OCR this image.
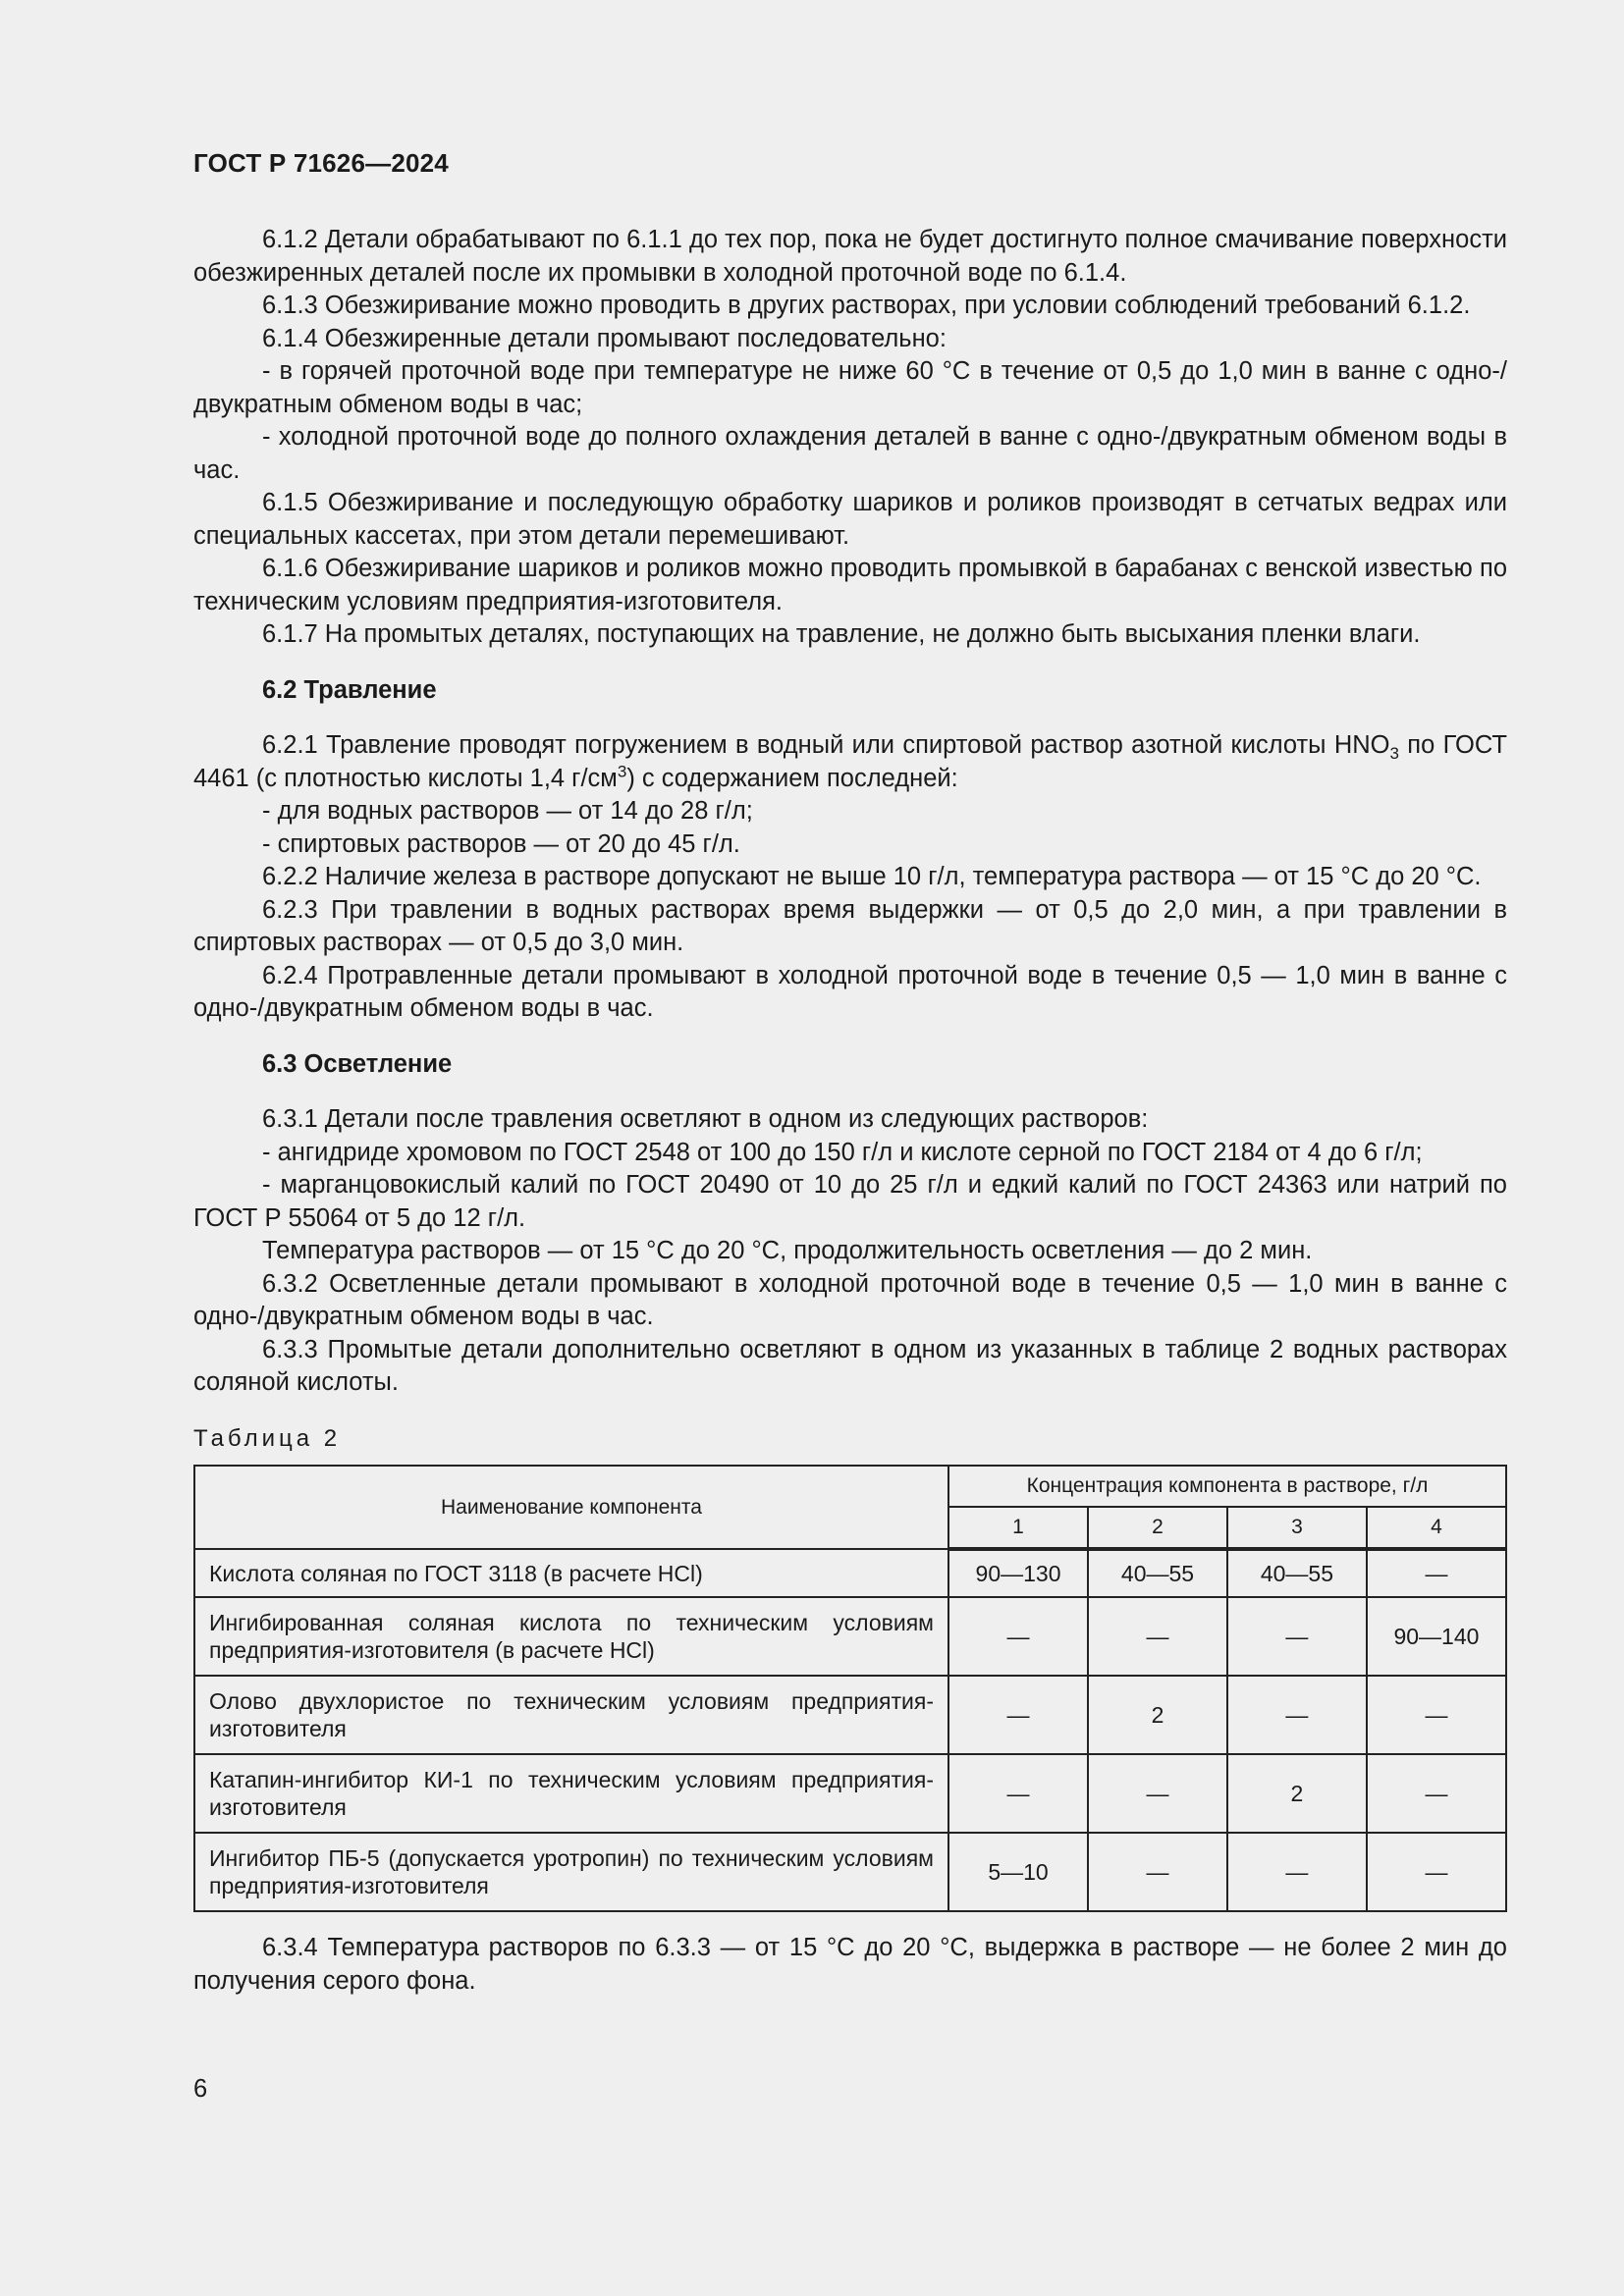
ГОСТ Р 71626—2024

6.1.2 Детали обрабатывают по 6.1.1 до тех пор, пока не будет достигнуто полное смачивание поверхности обезжиренных деталей после их промывки в холодной проточной воде по 6.1.4.

6.1.3 Обезжиривание можно проводить в других растворах, при условии соблюдений требований 6.1.2.

6.1.4 Обезжиренные детали промывают последовательно:

- в горячей проточной воде при температуре не ниже 60 °С в течение от 0,5 до 1,0 мин в ванне с одно-/двукратным обменом воды в час;

- холодной проточной воде до полного охлаждения деталей в ванне с одно-/двукратным обменом воды в час.

6.1.5 Обезжиривание и последующую обработку шариков и роликов производят в сетчатых ведрах или специальных кассетах, при этом детали перемешивают.

6.1.6 Обезжиривание шариков и роликов можно проводить промывкой в барабанах с венской известью по техническим условиям предприятия-изготовителя.

6.1.7 На промытых деталях, поступающих на травление, не должно быть высыхания пленки влаги.

6.2 Травление

6.2.1 Травление проводят погружением в водный или спиртовой раствор азотной кислоты $HNO_3$ по ГОСТ 4461 (с плотностью кислоты 1,4 $г/см^3$) с содержанием последней:

- для водных растворов — от 14 до 28 г/л;

- спиртовых растворов — от 20 до 45 г/л.

6.2.2 Наличие железа в растворе допускают не выше 10 г/л, температура раствора — от 15 °С до 20 °С.

6.2.3 При травлении в водных растворах время выдержки — от 0,5 до 2,0 мин, а при травлении в спиртовых растворах — от 0,5 до 3,0 мин.

6.2.4 Протравленные детали промывают в холодной проточной воде в течение 0,5 — 1,0 мин в ванне с одно-/двукратным обменом воды в час.

6.3 Осветление

6.3.1 Детали после травления осветляют в одном из следующих растворов:

- ангидриде хромовом по ГОСТ 2548 от 100 до 150 г/л и кислоте серной по ГОСТ 2184 от 4 до 6 г/л;

- марганцовокислый калий по ГОСТ 20490 от 10 до 25 г/л и едкий калий по ГОСТ 24363 или натрий по ГОСТ Р 55064 от 5 до 12 г/л.

Температура растворов — от 15 °С до 20 °С, продолжительность осветления — до 2 мин.

6.3.2 Осветленные детали промывают в холодной проточной воде в течение 0,5 — 1,0 мин в ванне с одно-/двукратным обменом воды в час.

6.3.3 Промытые детали дополнительно осветляют в одном из указанных в таблице 2 водных растворах соляной кислоты.

Таблица 2
Наименование компонента	Концентрация компонента в растворе, г/л			
	1	2	3	4
Кислота соляная по ГОСТ 3118 (в расчете HCl)	90—130	40—55	40—55	—
Ингибированная соляная кислота по техническим условиям предприятия-изготовителя (в расчете HCl)	—	—	—	90—140
Олово двухлористое по техническим условиям предприятия-изготовителя	—	2	—	—
Катапин-ингибитор КИ-1 по техническим условиям предприятия-изготовителя	—	—	2	—
Ингибитор ПБ-5 (допускается уротропин) по техническим условиям предприятия-изготовителя	5—10	—	—	—

6.3.4 Температура растворов по 6.3.3 — от 15 °С до 20 °С, выдержка в растворе — не более 2 мин до получения серого фона.

6
